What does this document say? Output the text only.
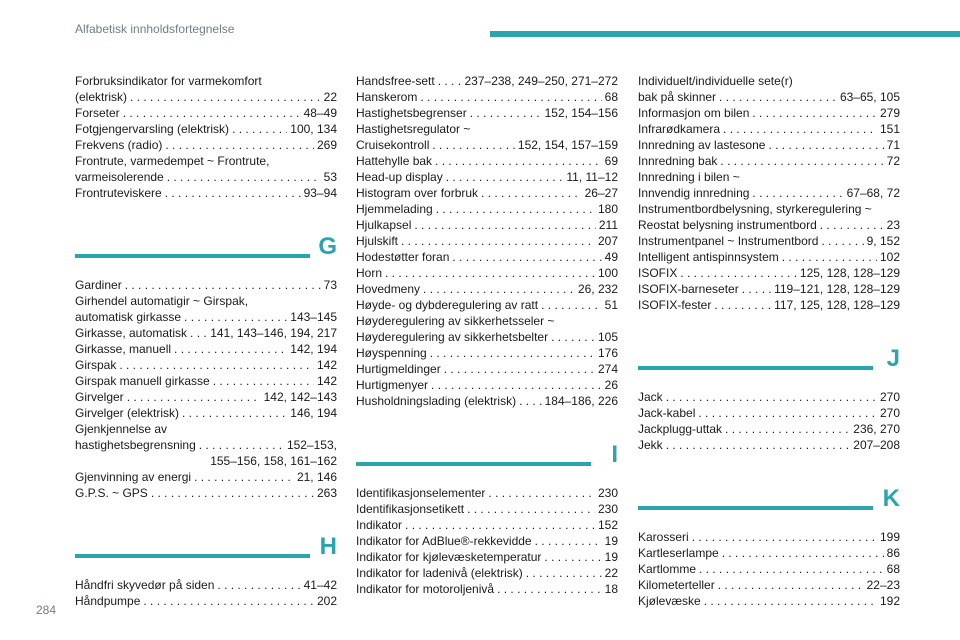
Alfabetisk innholdsfortegnelse
Forbruksindikator for varmekomfort
(elektrisk) . . .	22
Forseter . . .	48–49
Fotgjengervarsling (elektrisk) . . .	100, 134
Frekvens (radio) . . .	269
Frontrute, varmedempet ~ Frontrute,
varmeisolerende . . .	53
Frontruteviskere . . .	93–94
G
Gardiner . . .	73
Girhendel automatigir ~ Girspak,
automatisk girkasse . . .	143–145
Girkasse, automatisk . . . 141, 143–146, 194, 217
Girkasse, manuell . . .	142, 194
Girspak . . .	142
Girspak manuell girkasse . . .	142
Girvelger . . .	142, 142–143
Girvelger (elektrisk) . . .	146, 194
Gjenkjennelse av
hastighetsbegrensning . . .	152–153,
155–156, 158, 161–162
Gjenvinning av energi . . .	21, 146
G.P.S. ~ GPS . . .	263
H
Håndfri skyvedør på siden . . .	41–42
Håndpumpe . . .	202
Handsfree-sett . . . 237–238, 249–250, 271–272
Hanskerom . . .	68
Hastighetsbegrenser . . .	152, 154–156
Hastighetsregulator ~
Cruisekontroll . . .	152, 154, 157–159
Hattehylle bak . . .	69
Head-up display . . .	11, 11–12
Histogram over forbruk . . .	26–27
Hjemmelading . . .	180
Hjulkapsel . . .	211
Hjulskift . . .	207
Hodestøtter foran . . .	49
Horn . . .	100
Hovedmeny . . .	26, 232
Høyde- og dybderegulering av ratt . . .	51
Høyderegulering av sikkerhetsseler ~
Høyderegulering av sikkerhetsbelter . . .	105
Høyspenning . . .	176
Hurtigmeldinger . . .	274
Hurtigmenyer . . .	26
Husholdningslading (elektrisk) . . . 184–186, 226
I
Identifikasjonselementer . . .	230
Identifikasjonsetikett . . .	230
Indikator . . .	152
Indikator for AdBlue®-rekkevidde . . .	19
Indikator for kjølevæsketemperatur . . .	19
Indikator for ladenivå (elektrisk) . . .	22
Indikator for motoroljenivå . . .	18
Individuelt/individuelle sete(r)
bak på skinner . . .	63–65, 105
Informasjon om bilen . . .	279
Infrarødkamera . . .	151
Innredning av lastesone . . .	71
Innredning bak . . .	72
Innredning i bilen ~
Innvendig innredning . . .	67–68, 72
Instrumentbordbelysning, styrkeregulering ~
Reostat belysning instrumentbord . . .	23
Instrumentpanel ~ Instrumentbord . . .	9, 152
Intelligent antispinnsystem . . .	102
ISOFIX . . .	125, 128, 128–129
ISOFIX-barneseter . . .	119–121, 128, 128–129
ISOFIX-fester . . .	117, 125, 128, 128–129
J
Jack . . .	270
Jack-kabel . . .	270
Jackplugg-uttak . . .	236, 270
Jekk . . .	207–208
K
Karosseri . . .	199
Kartleserlampe . . .	86
Kartlomme . . .	68
Kilometerteller . . .	22–23
Kjølevæske . . .	192
284
